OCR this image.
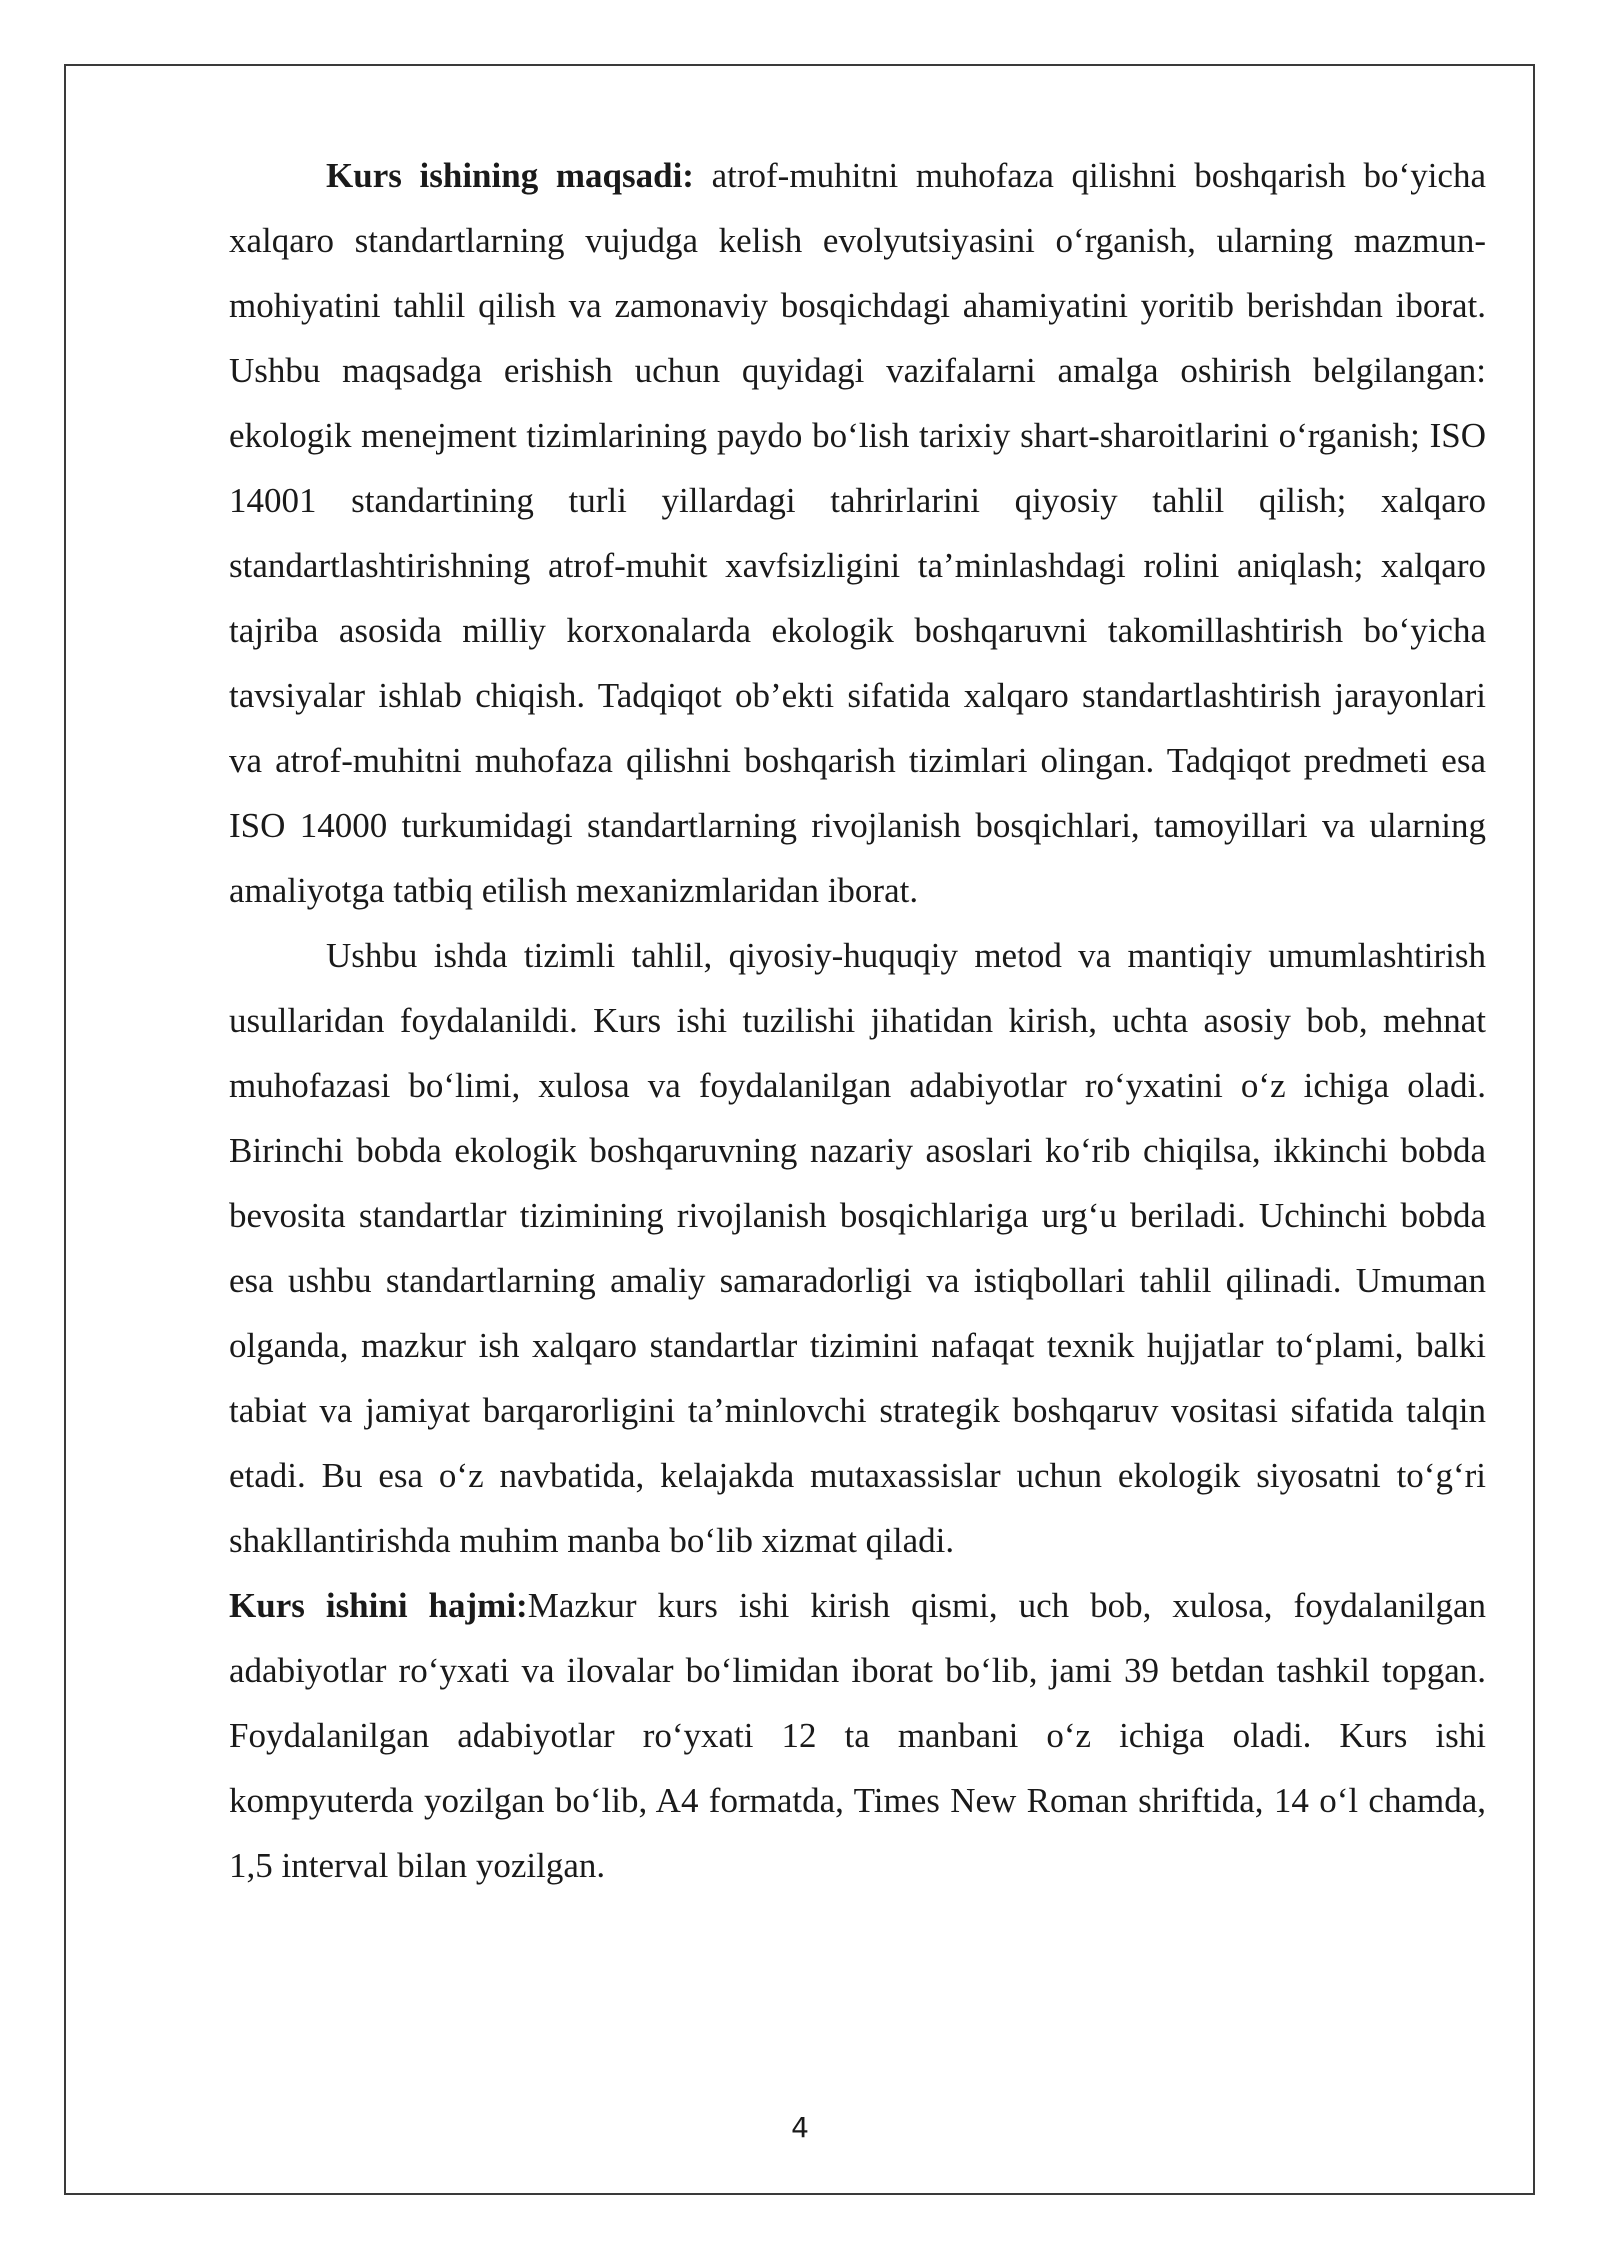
Kurs ishining maqsadi: atrof-muhitni muhofaza qilishni boshqarish bo‘yicha xalqaro standartlarning vujudga kelish evolyutsiyasini o‘rganish, ularning mazmun-mohiyatini tahlil qilish va zamonaviy bosqichdagi ahamiyatini yoritib berishdan iborat. Ushbu maqsadga erishish uchun quyidagi vazifalarni amalga oshirish belgilangan: ekologik menejment tizimlarining paydo bo‘lish tarixiy shart-sharoitlarini o‘rganish; ISO 14001 standartining turli yillardagi tahrirlarini qiyosiy tahlil qilish; xalqaro standartlashtirishning atrof-muhit xavfsizligini ta’minlashdagi rolini aniqlash; xalqaro tajriba asosida milliy korxonalarda ekologik boshqaruvni takomillashtirish bo‘yicha tavsiyalar ishlab chiqish. Tadqiqot ob’ekti sifatida xalqaro standartlashtirish jarayonlari va atrof-muhitni muhofaza qilishni boshqarish tizimlari olingan. Tadqiqot predmeti esa ISO 14000 turkumidagi standartlarning rivojlanish bosqichlari, tamoyillari va ularning amaliyotga tatbiq etilish mexanizmlaridan iborat.

Ushbu ishda tizimli tahlil, qiyosiy-huquqiy metod va mantiqiy umumlashtirish usullaridan foydalanildi. Kurs ishi tuzilishi jihatidan kirish, uchta asosiy bob, mehnat muhofazasi bo‘limi, xulosa va foydalanilgan adabiyotlar ro‘yxatini o‘z ichiga oladi. Birinchi bobda ekologik boshqaruvning nazariy asoslari ko‘rib chiqilsa, ikkinchi bobda bevosita standartlar tizimining rivojlanish bosqichlariga urg‘u beriladi. Uchinchi bobda esa ushbu standartlarning amaliy samaradorligi va istiqbollari tahlil qilinadi. Umuman olganda, mazkur ish xalqaro standartlar tizimini nafaqat texnik hujjatlar to‘plami, balki tabiat va jamiyat barqarorligini ta’minlovchi strategik boshqaruv vositasi sifatida talqin etadi. Bu esa o‘z navbatida, kelajakda mutaxassislar uchun ekologik siyosatni to‘g‘ri shakllantirishda muhim manba bo‘lib xizmat qiladi.

Kurs ishini hajmi:Mazkur kurs ishi kirish qismi, uch bob, xulosa, foydalanilgan adabiyotlar ro‘yxati va ilovalar bo‘limidan iborat bo‘lib, jami 39 betdan tashkil topgan. Foydalanilgan adabiyotlar ro‘yxati 12 ta manbani o‘z ichiga oladi. Kurs ishi kompyuterda yozilgan bo‘lib, A4 formatda, Times New Roman shriftida, 14 o‘l chamda, 1,5 interval bilan yozilgan.

4
